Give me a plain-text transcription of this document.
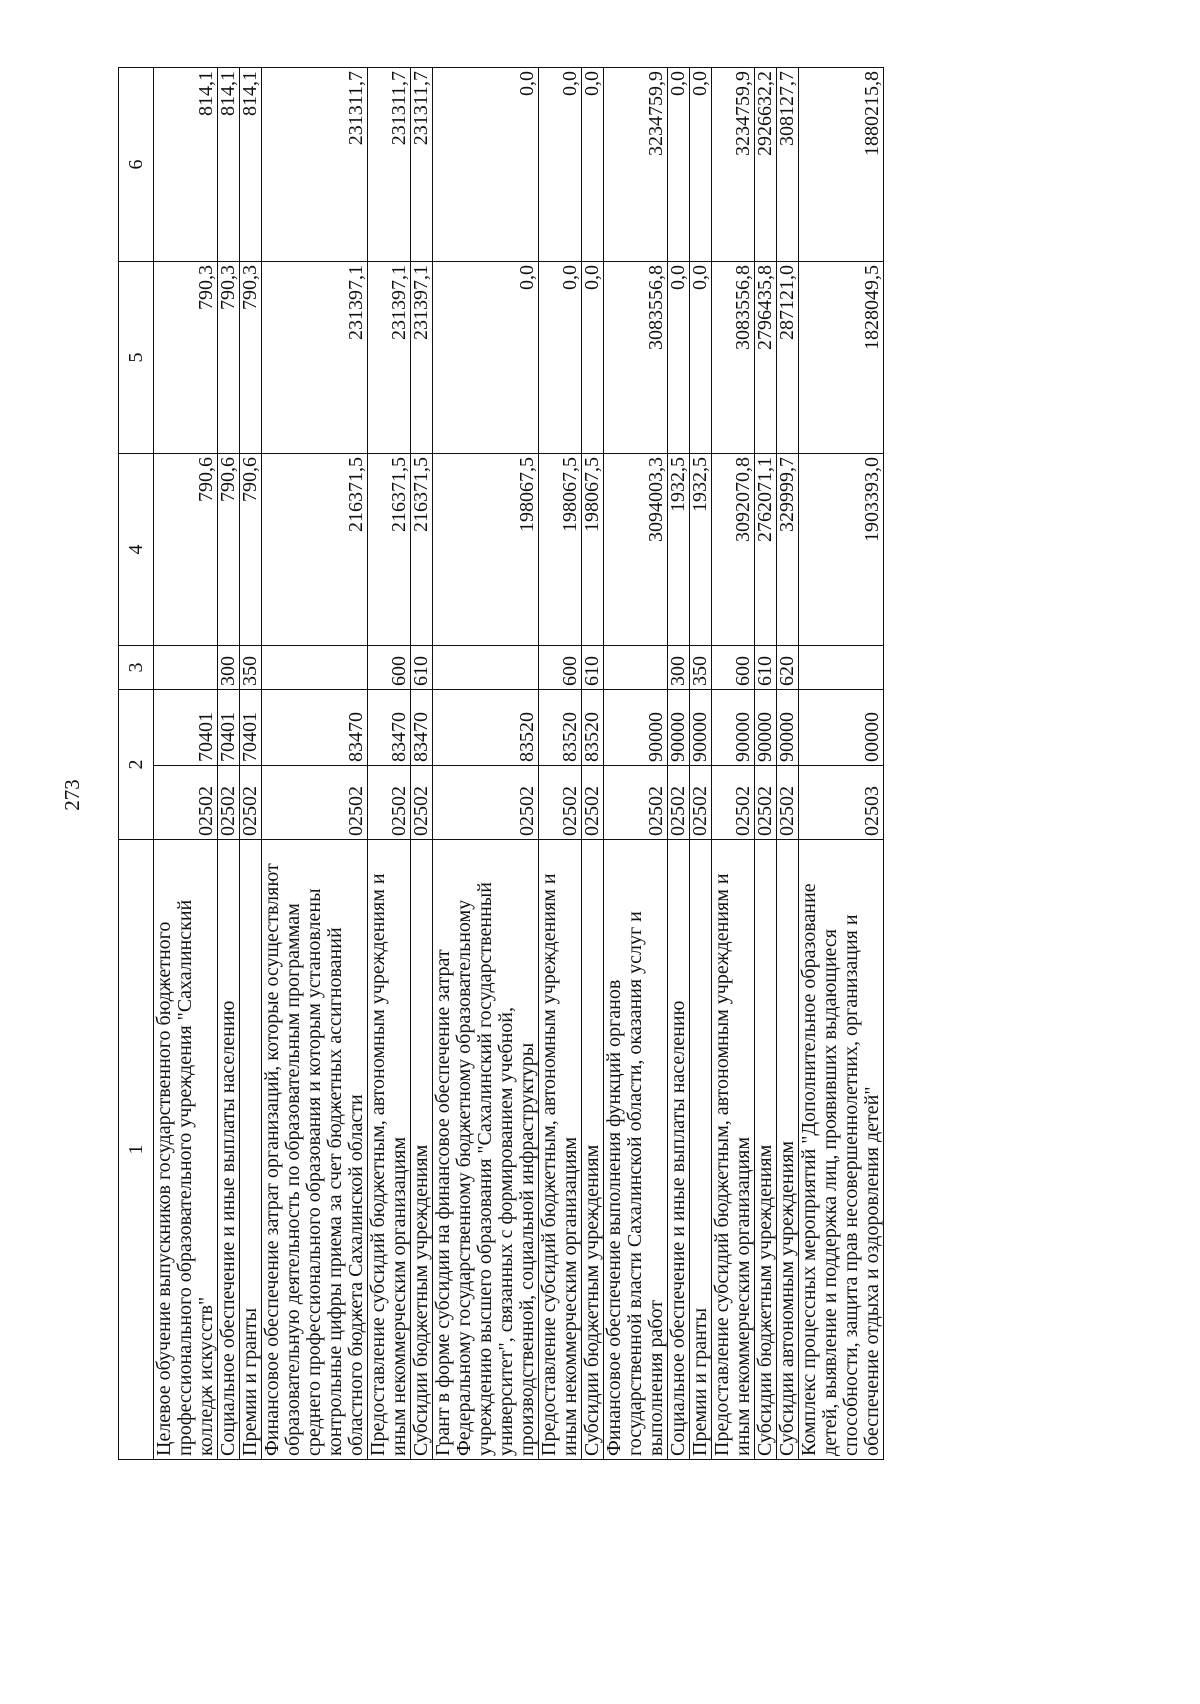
273
1	2		3	4	5	6
Целевое обучение выпускников государственного бюджетного профессионального образовательного учреждения "Сахалинский колледж искусств"	02502	70401		790,6	790,3	814,1
Социальное обеспечение и иные выплаты населению	02502	70401	300	790,6	790,3	814,1
Премии и гранты	02502	70401	350	790,6	790,3	814,1
Финансовое обеспечение затрат организаций, которые осуществляют образовательную деятельность по образовательным программам среднего профессионального образования и которым установлены контрольные цифры приема за счет бюджетных ассигнований областного бюджета Сахалинской области	02502	83470		216371,5	231397,1	231311,7
Предоставление субсидий бюджетным, автономным учреждениям и иным некоммерческим организациям	02502	83470	600	216371,5	231397,1	231311,7
Субсидии бюджетным учреждениям	02502	83470	610	216371,5	231397,1	231311,7
Грант в форме субсидии на финансовое обеспечение затрат Федеральному государственному бюджетному образовательному учреждению высшего образования "Сахалинский государственный университет", связанных с формированием учебной, производственной, социальной инфраструктуры	02502	83520		198067,5	0,0	0,0
Предоставление субсидий бюджетным, автономным учреждениям и иным некоммерческим организациям	02502	83520	600	198067,5	0,0	0,0
Субсидии бюджетным учреждениям	02502	83520	610	198067,5	0,0	0,0
Финансовое обеспечение выполнения функций органов государственной власти Сахалинской области, оказания услуг и выполнения работ	02502	90000		3094003,3	3083556,8	3234759,9
Социальное обеспечение и иные выплаты населению	02502	90000	300	1932,5	0,0	0,0
Премии и гранты	02502	90000	350	1932,5	0,0	0,0
Предоставление субсидий бюджетным, автономным учреждениям и иным некоммерческим организациям	02502	90000	600	3092070,8	3083556,8	3234759,9
Субсидии бюджетным учреждениям	02502	90000	610	2762071,1	2796435,8	2926632,2
Субсидии автономным учреждениям	02502	90000	620	329999,7	287121,0	308127,7
Комплекс процессных мероприятий "Дополнительное образование детей, выявление и поддержка лиц, проявивших выдающиеся способности, защита прав несовершеннолетних, организация и обеспечение отдыха и оздоровления детей"	02503	00000		1903393,0	1828049,5	1880215,8
